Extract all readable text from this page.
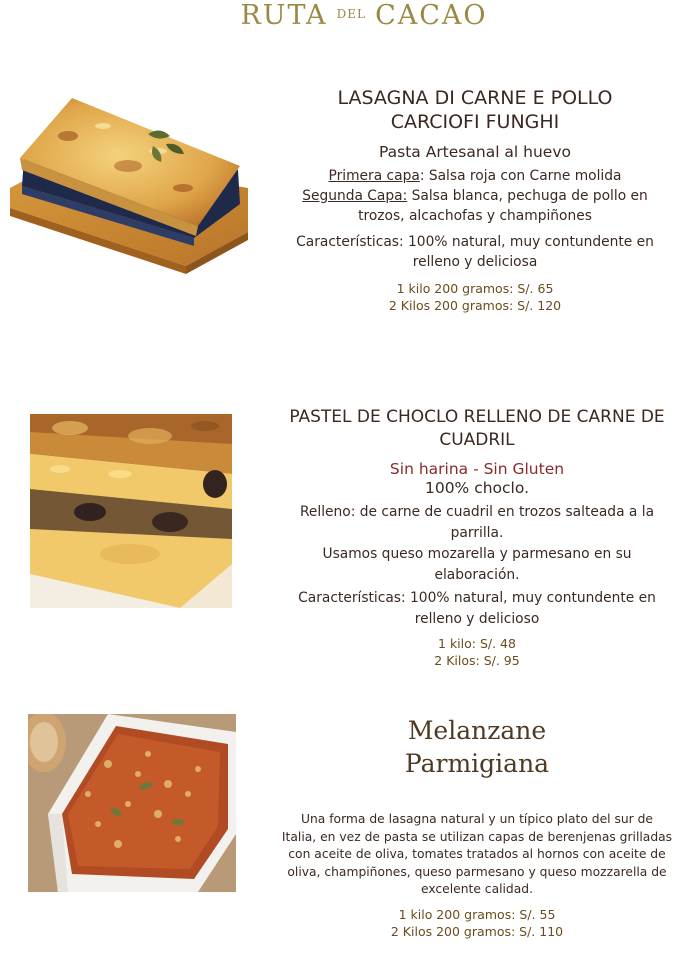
RUTA $^{DEL}$ CACAO
LASAGNA DI CARNE E POLLO
CARCIOFI FUNGHI
Pasta Artesanal al huevo
Primera capa: Salsa roja con Carne molida
Segunda Capa: Salsa blanca, pechuga de pollo en
trozos, alcachofas y champiñones
Características: 100% natural, muy contundente en
relleno y deliciosa
1 kilo 200 gramos: S/. 65
2 Kilos 200 gramos: S/. 120
PASTEL DE CHOCLO RELLENO DE CARNE DE
CUADRIL
Sin harina - Sin Gluten
100% choclo.
Relleno: de carne de cuadril en trozos salteada a la
parrilla.
Usamos queso mozarella y parmesano en su
elaboración.
Características: 100% natural, muy contundente en
relleno y delicioso
1 kilo: S/. 48
2 Kilos: S/. 95
Melanzane
Parmigiana
Una forma de lasagna natural y un típico plato del sur de
Italia, en vez de pasta se utilizan capas de berenjenas grilladas
con aceite de oliva, tomates tratados al hornos con aceite de
oliva, champiñones, queso parmesano y queso mozzarella de
excelente calidad.
1 kilo 200 gramos: S/. 55
2 Kilos 200 gramos: S/. 110
